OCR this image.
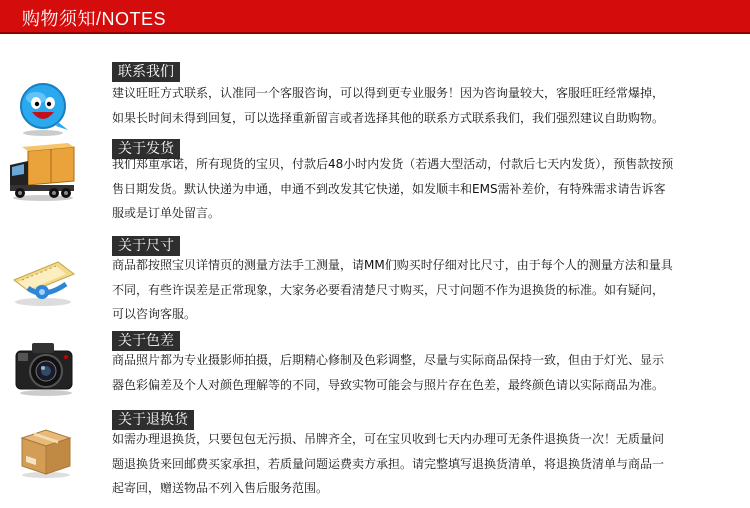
购物须知/NOTES
联系我们
建议旺旺方式联系，认准同一个客服咨询，可以得到更专业服务！因为咨询量较大，客服旺旺经常爆掉，
如果长时间未得到回复，可以选择重新留言或者选择其他的联系方式联系我们，我们强烈建议自助购物。
关于发货
我们郑重承诺，所有现货的宝贝，付款后48小时内发货（若遇大型活动，付款后七天内发货），预售款按预
售日期发货。默认快递为申通，申通不到改发其它快递，如发顺丰和EMS需补差价，有特殊需求请告诉客
服或是订单处留言。
关于尺寸
商品都按照宝贝详情页的测量方法手工测量，请MM们购买时仔细对比尺寸，由于每个人的测量方法和量具
不同，有些许误差是正常现象，大家务必要看清楚尺寸购买，尺寸问题不作为退换货的标准。如有疑问，
可以咨询客服。
关于色差
商品照片都为专业摄影师拍摄，后期精心修制及色彩调整，尽量与实际商品保持一致，但由于灯光、显示
器色彩偏差及个人对颜色理解等的不同，导致实物可能会与照片存在色差，最终颜色请以实际商品为准。
关于退换货
如需办理退换货，只要包包无污损、吊牌齐全，可在宝贝收到七天内办理可无条件退换货一次！无质量问
题退换货来回邮费买家承担，若质量问题运费卖方承担。请完整填写退换货清单，将退换货清单与商品一
起寄回，赠送物品不列入售后服务范围。
